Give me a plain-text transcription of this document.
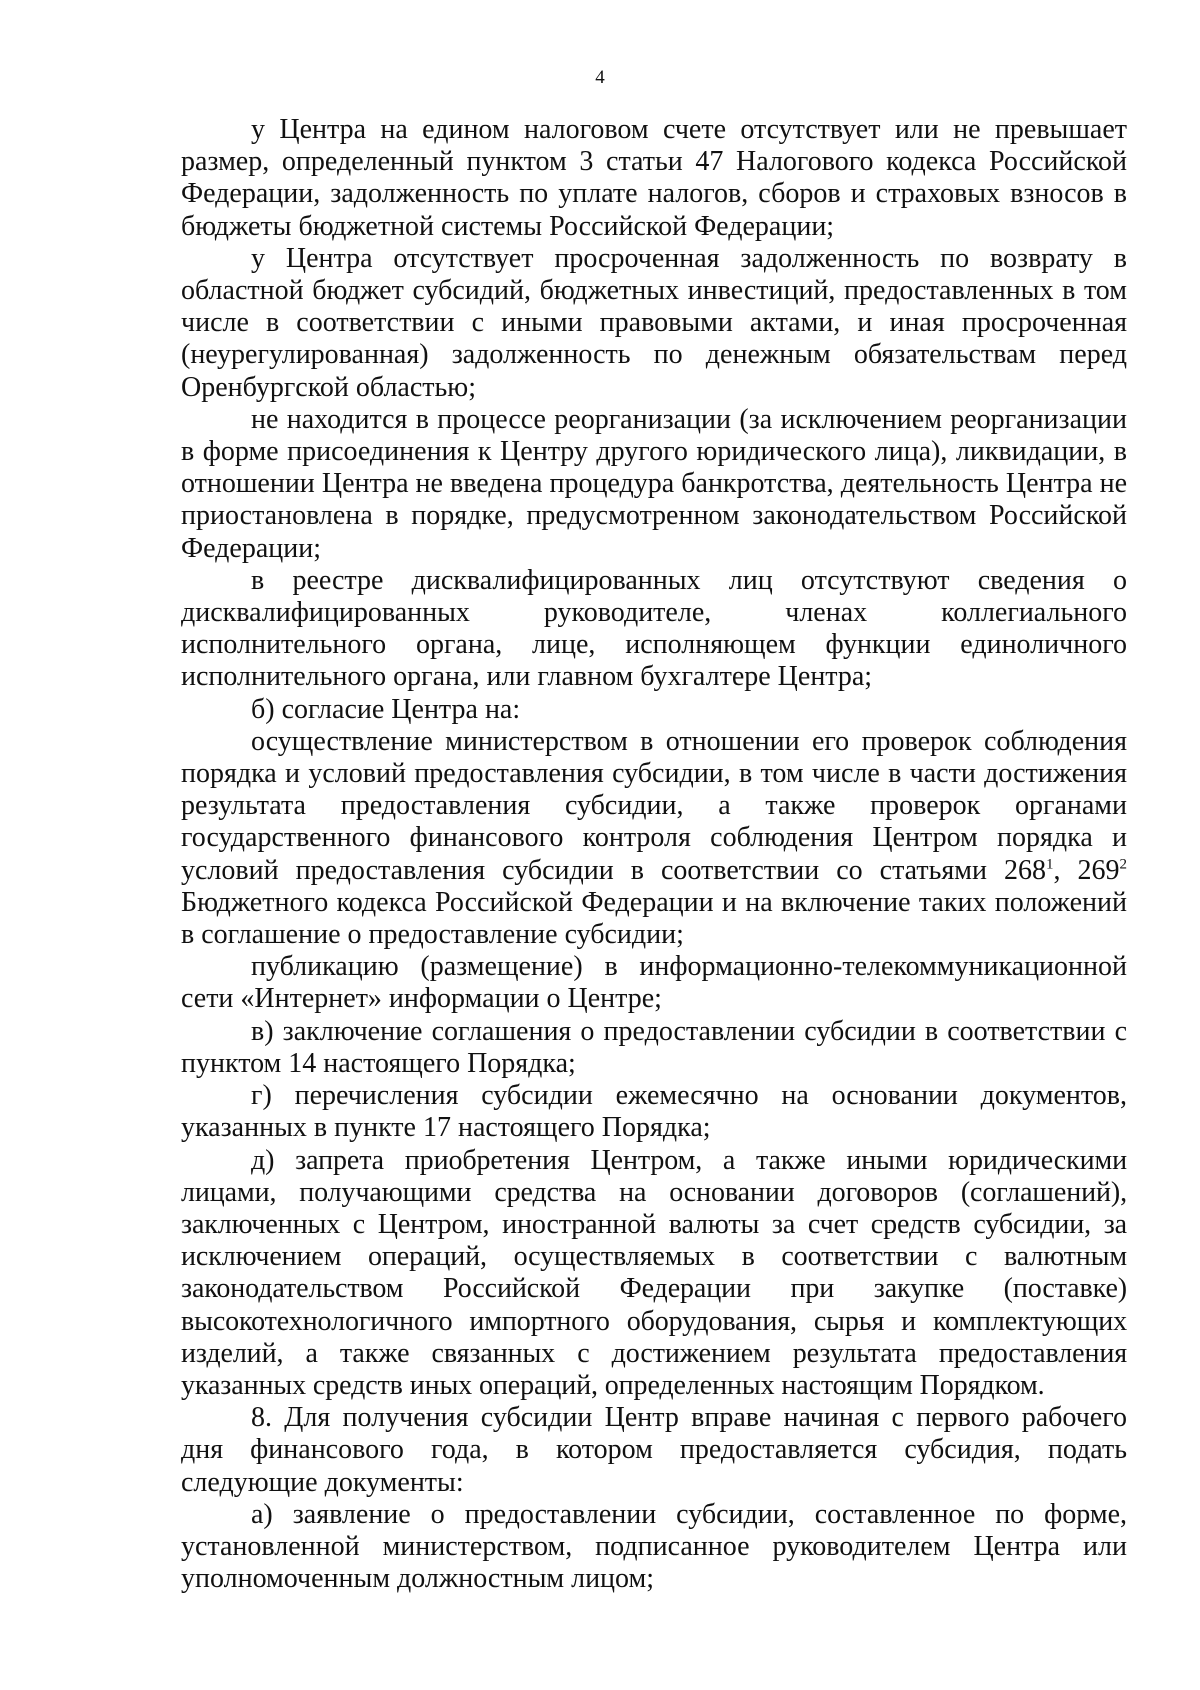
4

у Центра на едином налоговом счете отсутствует или не превышает размер, определенный пунктом 3 статьи 47 Налогового кодекса Российской Федерации, задолженность по уплате налогов, сборов и страховых взносов в бюджеты бюджетной системы Российской Федерации;

у Центра отсутствует просроченная задолженность по возврату в областной бюджет субсидий, бюджетных инвестиций, предоставленных в том числе в соответствии с иными правовыми актами, и иная просроченная (неурегулированная) задолженность по денежным обязательствам перед Оренбургской областью;

не находится в процессе реорганизации (за исключением реорганизации в форме присоединения к Центру другого юридического лица), ликвидации, в отношении Центра не введена процедура банкротства, деятельность Центра не приостановлена в порядке, предусмотренном законодательством Российской Федерации;

в реестре дисквалифицированных лиц отсутствуют сведения о дисквалифицированных руководителе, членах коллегиального исполнительного органа, лице, исполняющем функции единоличного исполнительного органа, или главном бухгалтере Центра;

б) согласие Центра на:

осуществление министерством в отношении его проверок соблюдения порядка и условий предоставления субсидии, в том числе в части достижения результата предоставления субсидии, а также проверок органами государственного финансового контроля соблюдения Центром порядка и условий предоставления субсидии в соответствии со статьями $268^1$, $269^2$ Бюджетного кодекса Российской Федерации и на включение таких положений в соглашение о предоставление субсидии;

публикацию (размещение) в информационно-телекоммуникационной сети «Интернет» информации о Центре;

в) заключение соглашения о предоставлении субсидии в соответствии с пунктом 14 настоящего Порядка;

г) перечисления субсидии ежемесячно на основании документов, указанных в пункте 17 настоящего Порядка;

д) запрета приобретения Центром, а также иными юридическими лицами, получающими средства на основании договоров (соглашений), заключенных с Центром, иностранной валюты за счет средств субсидии, за исключением операций, осуществляемых в соответствии с валютным законодательством Российской Федерации при закупке (поставке) высокотехнологичного импортного оборудования, сырья и комплектующих изделий, а также связанных с достижением результата предоставления указанных средств иных операций, определенных настоящим Порядком.

8. Для получения субсидии Центр вправе начиная с первого рабочего дня финансового года, в котором предоставляется субсидия, подать следующие документы:

а) заявление о предоставлении субсидии, составленное по форме, установленной министерством, подписанное руководителем Центра или уполномоченным должностным лицом;
